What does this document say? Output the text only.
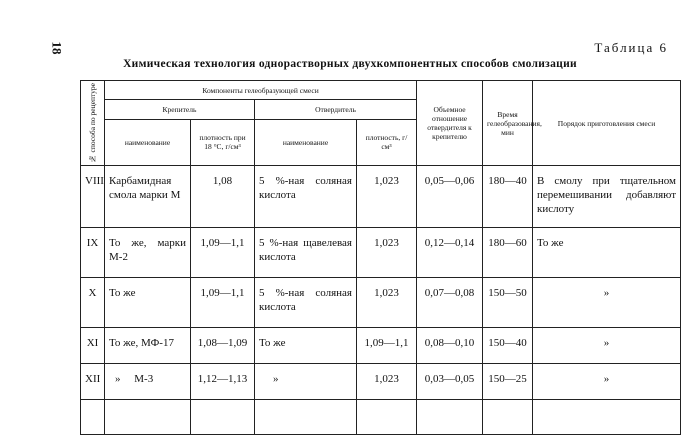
18	Таблица 6
Химическая технология однорастворных двухкомпонентных способов смолизации
№ способа по рецептуре	Компоненты гелеобразующей смеси				Объемное отношение отвердителя к крепителю	Время гелеобразования, мин	Порядок приготовления смеси
	Крепитель		Отвердитель				
	наименование	плотность при 18 °С, г/см³	наименование	плотность, г/см³			
VIII	Карбамидная смола марки М	1,08	5 %-ная соляная кислота	1,023	0,05—0,06	180—40	В смолу при тщательном перемешивании добавляют кислоту
IX	То же, марки М-2	1,09—1,1	5 %-ная щавелевая кислота	1,023	0,12—0,14	180—60	То же
X	То же	1,09—1,1	5 %-ная соляная кислота	1,023	0,07—0,08	150—50	»
XI	То же, МФ-17	1,08—1,09	То же	1,09—1,1	0,08—0,10	150—40	»
XII	»     М-3	1,12—1,13	»	1,023	0,03—0,05	150—25	»
